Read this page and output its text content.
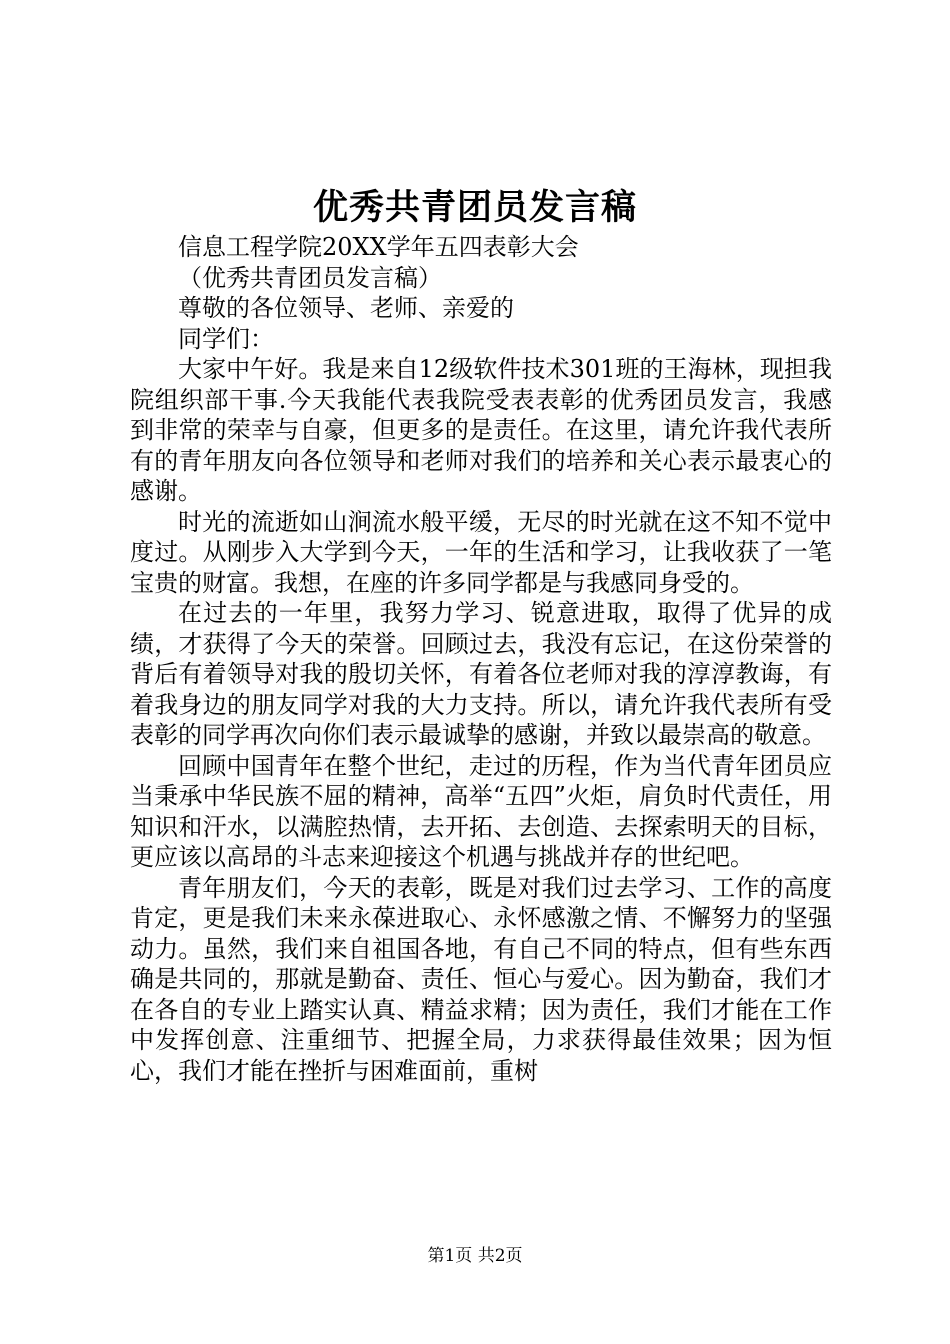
优秀共青团员发言稿

信息工程学院20XX学年五四表彰大会

（优秀共青团员发言稿）

尊敬的各位领导、老师、亲爱的

同学们：

大家中午好。我是来自12级软件技术301班的王海林，现担我院组织部干事.今天我能代表我院受表表彰的优秀团员发言，我感到非常的荣幸与自豪，但更多的是责任。在这里，请允许我代表所有的青年朋友向各位领导和老师对我们的培养和关心表示最衷心的感谢。

时光的流逝如山涧流水般平缓，无尽的时光就在这不知不觉中度过。从刚步入大学到今天，一年的生活和学习，让我收获了一笔宝贵的财富。我想，在座的许多同学都是与我感同身受的。

在过去的一年里，我努力学习、锐意进取，取得了优异的成绩，才获得了今天的荣誉。回顾过去，我没有忘记，在这份荣誉的背后有着领导对我的殷切关怀，有着各位老师对我的淳淳教诲，有着我身边的朋友同学对我的大力支持。所以，请允许我代表所有受表彰的同学再次向你们表示最诚挚的感谢，并致以最崇高的敬意。

回顾中国青年在整个世纪，走过的历程，作为当代青年团员应当秉承中华民族不屈的精神，高举“五四”火炬，肩负时代责任，用知识和汗水，以满腔热情，去开拓、去创造、去探索明天的目标，更应该以高昂的斗志来迎接这个机遇与挑战并存的世纪吧。

青年朋友们，今天的表彰，既是对我们过去学习、工作的高度肯定，更是我们未来永葆进取心、永怀感激之情、不懈努力的坚强动力。虽然，我们来自祖国各地，有自己不同的特点，但有些东西确是共同的，那就是勤奋、责任、恒心与爱心。因为勤奋，我们才在各自的专业上踏实认真、精益求精；因为责任，我们才能在工作中发挥创意、注重细节、把握全局，力求获得最佳效果；因为恒心，我们才能在挫折与困难面前，重树

第1页 共2页
